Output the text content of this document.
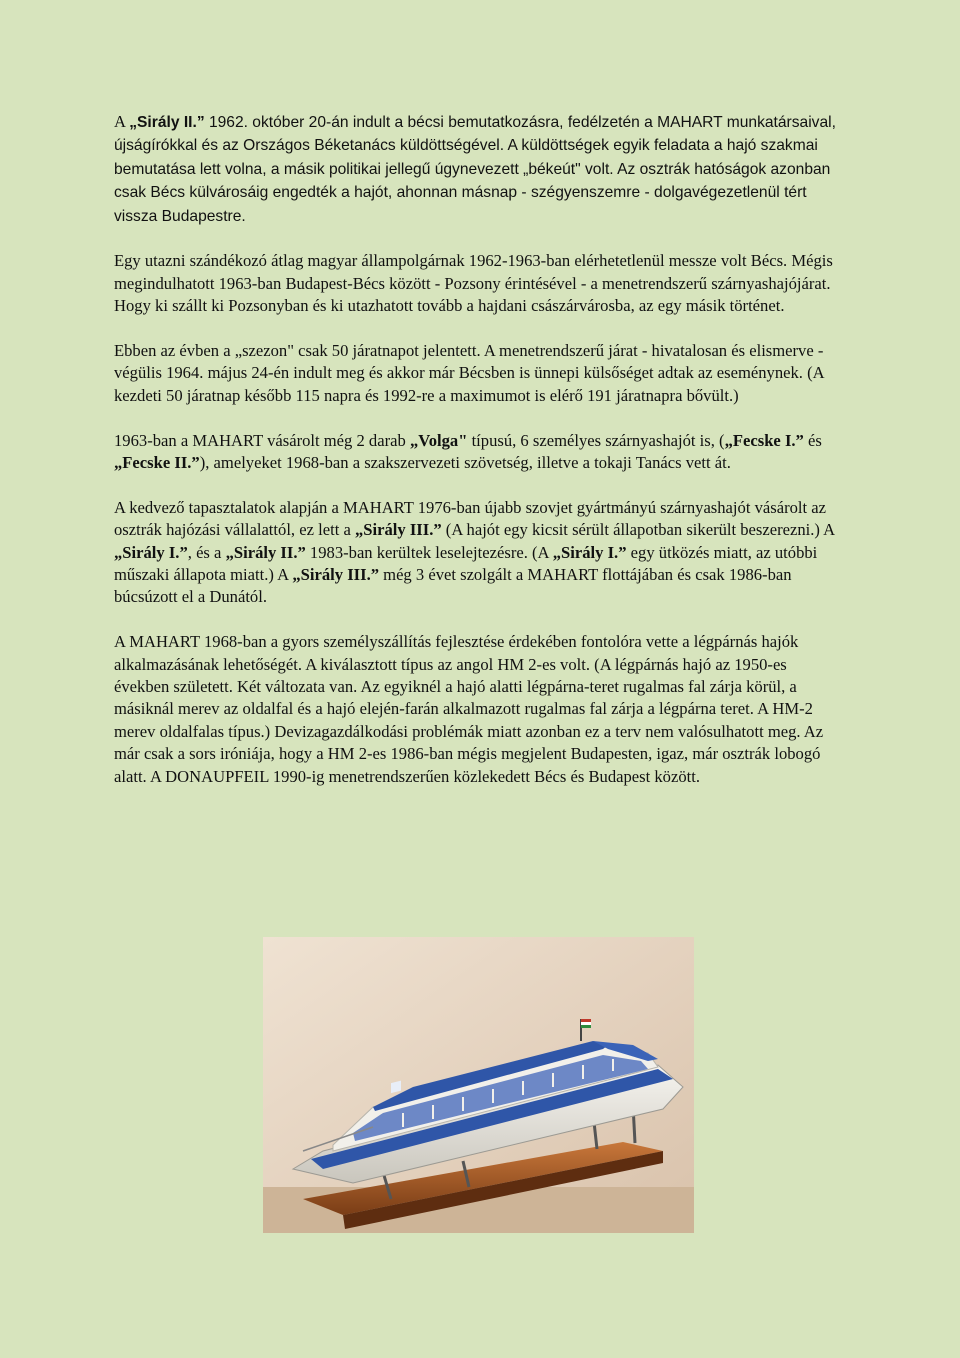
A „Sirály II.” 1962. október 20-án indult a bécsi bemutatkozásra, fedélzetén a MAHART munkatársaival, újságírókkal és az Országos Béketanács küldöttségével. A küldöttségek egyik feladata a hajó szakmai bemutatása lett volna, a másik politikai jellegű úgynevezett „békeút" volt. Az osztrák hatóságok azonban csak Bécs külvárosáig engedték a hajót, ahonnan másnap - szégyenszemre - dolgavégezetlenül tért vissza Budapestre.

Egy utazni szándékozó átlag magyar állampolgárnak 1962-1963-ban elérhetetlenül messze volt Bécs. Mégis megindulhatott 1963-ban Budapest-Bécs között - Pozsony érintésével - a menetrendszerű szárnyashajójárat. Hogy ki szállt ki Pozsonyban és ki utazhatott tovább a hajdani császárvárosba, az egy másik történet.

Ebben az évben a „szezon" csak 50 járatnapot jelentett. A menetrendszerű járat - hivatalosan és elismerve - végülis 1964. május 24-én indult meg és akkor már Bécsben is ünnepi külsőséget adtak az eseménynek. (A kezdeti 50 járatnap később 115 napra és 1992-re a maximumot is elérő 191 járatnapra bővült.)

1963-ban a MAHART vásárolt még 2 darab „Volga" típusú, 6 személyes szárnyashajót is, („Fecske I.” és „Fecske II.”), amelyeket 1968-ban a szakszervezeti szövetség, illetve a tokaji Tanács vett át.

A kedvező tapasztalatok alapján a MAHART 1976-ban újabb szovjet gyártmányú szárnyashajót vásárolt az osztrák hajózási vállalattól, ez lett a „Sirály III.” (A hajót egy kicsit sérült állapotban sikerült beszerezni.) A „Sirály I.”, és a „Sirály II.” 1983-ban kerültek leselejtezésre. (A „Sirály I.” egy ütközés miatt, az utóbbi műszaki állapota miatt.) A „Sirály III.” még 3 évet szolgált a MAHART flottájában és csak 1986-ban búcsúzott el a Dunától.

A MAHART 1968-ban a gyors személyszállítás fejlesztése érdekében fontolóra vette a légpárnás hajók alkalmazásának lehetőségét. A kiválasztott típus az angol HM 2-es volt. (A légpárnás hajó az 1950-es években született. Két változata van. Az egyiknél a hajó alatti légpárna-teret rugalmas fal zárja körül, a másiknál merev az oldalfal és a hajó elején-farán alkalmazott rugalmas fal zárja a légpárna teret. A HM-2 merev oldalfalas típus.) Devizagazdálkodási problémák miatt azonban ez a terv nem valósulhatott meg. Az már csak a sors iróniája, hogy a HM 2-es 1986-ban mégis megjelent Budapesten, igaz, már osztrák lobogó alatt. A DONAUPFEIL 1990-ig menetrendszerűen közlekedett Bécs és Budapest között.
